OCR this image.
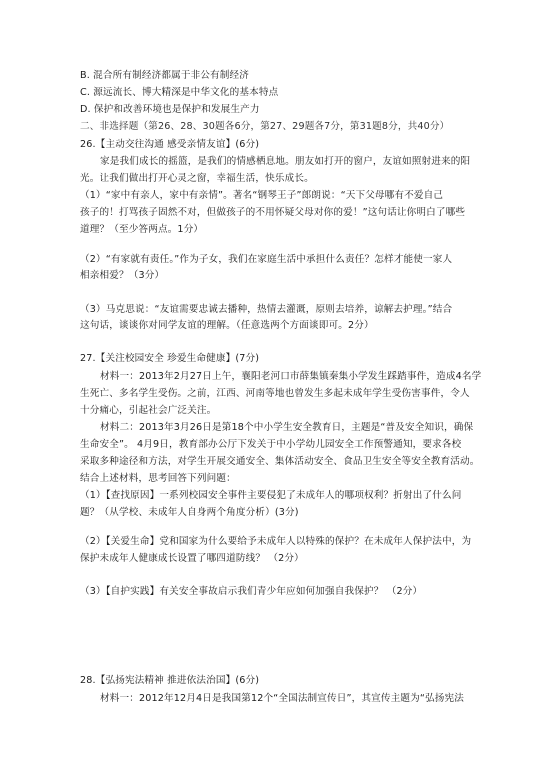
B. 混合所有制经济都属于非公有制经济
C. 源远流长、博大精深是中华文化的基本特点
D. 保护和改善环境也是保护和发展生产力
二、非选择题（第26、28、30题各6分，第27、29题各7分，第31题8分，共40分）
26.【主动交往沟通 感受亲情友谊】(6分)
家是我们成长的摇篮，是我们的情感栖息地。朋友如打开的窗户，友谊如照射进来的阳
光。让我们做出打开心灵之窗，幸福生活，快乐成长。
（1）“家中有亲人，家中有亲情”。著名“钢琴王子”郎朗说：“天下父母哪有不爱自己
孩子的！打骂孩子固然不对，但做孩子的不用怀疑父母对你的爱！”这句话让你明白了哪些
道理？（至少答两点。1分）
（2）“有家就有责任。”作为子女，我们在家庭生活中承担什么责任？怎样才能使一家人
相亲相爱？（3分）
（3）马克思说：“友谊需要忠诚去播种，热情去灌溉，原则去培养，谅解去护理。”结合
这句话，谈谈你对同学友谊的理解。（任意选两个方面谈即可。2分）
27.【关注校园安全 珍爱生命健康】(7分)
材料一：2013年2月27日上午，襄阳老河口市薛集镇秦集小学发生踩踏事件，造成4名学
生死亡、多名学生受伤。之前，江西、河南等地也曾发生多起未成年学生受伤害事件，令人
十分痛心，引起社会广泛关注。
材料二：2013年3月26日是第18个中小学生安全教育日，主题是“普及安全知识，确保
生命安全”。 4月9日，教育部办公厅下发关于中小学幼儿园安全工作预警通知，要求各校
采取多种途径和方法，对学生开展交通安全、集体活动安全、食品卫生安全等安全教育活动。
结合上述材料，思考回答下列问题：
（1）【查找原因】一系列校园安全事件主要侵犯了未成年人的哪项权利？折射出了什么问
题？（从学校、未成年人自身两个角度分析）(3分)
（2）【关爱生命】党和国家为什么要给予未成年人以特殊的保护？在未成年人保护法中，为
保护未成年人健康成长设置了哪四道防线？ （2分）
（3）【自护实践】有关安全事故启示我们青少年应如何加强自我保护？ （2分）
28.【弘扬宪法精神 推进依法治国】(6分)
材料一：2012年12月4日是我国第12个“全国法制宣传日”，其宣传主题为“弘扬宪法
